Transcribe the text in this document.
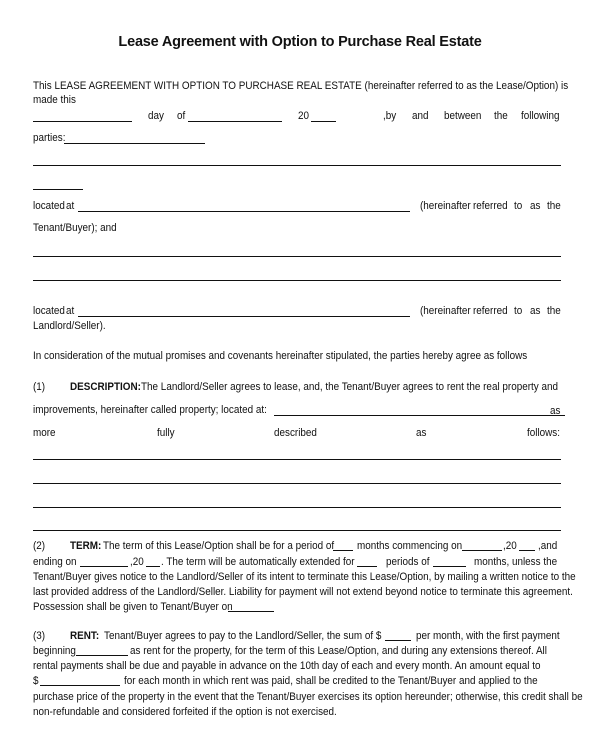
Lease Agreement with Option to Purchase Real Estate
This LEASE AGREEMENT WITH OPTION TO PURCHASE REAL ESTATE (hereinafter referred to as the Lease/Option) is
made this
day of	20	,by and between the following
parties:
located at	(hereinafter referred to as the
Tenant/Buyer); and
located at	(hereinafter referred to as the
Landlord/Seller).
In consideration of the mutual promises and covenants hereinafter stipulated, the parties hereby agree as follows
(1) DESCRIPTION: The Landlord/Seller agrees to lease, and, the Tenant/Buyer agrees to rent the real property and
improvements, hereinafter called property; located at:	as
more	fully	described	as	follows:
(2) TERM: The term of this Lease/Option shall be for a period of months commencing on	,20 ,and
ending on	,20 . The term will be automatically extended for	periods of	months, unless the
Tenant/Buyer gives notice to the Landlord/Seller of its intent to terminate this Lease/Option, by mailing a written notice to the
last provided address of the Landlord/Seller. Liability for payment will not extend beyond notice to terminate this agreement.
Possession shall be given to Tenant/Buyer on
(3) RENT: Tenant/Buyer agrees to pay to the Landlord/Seller, the sum of $	per month, with the first payment
beginning	as rent for the property, for the term of this Lease/Option, and during any extensions thereof. All
rental payments shall be due and payable in advance on the 10th day of each and every month. An amount equal to
$	for each month in which rent was paid, shall be credited to the Tenant/Buyer and applied to the
purchase price of the property in the event that the Tenant/Buyer exercises its option hereunder; otherwise, this credit shall be
non-refundable and considered forfeited if the option is not exercised.
